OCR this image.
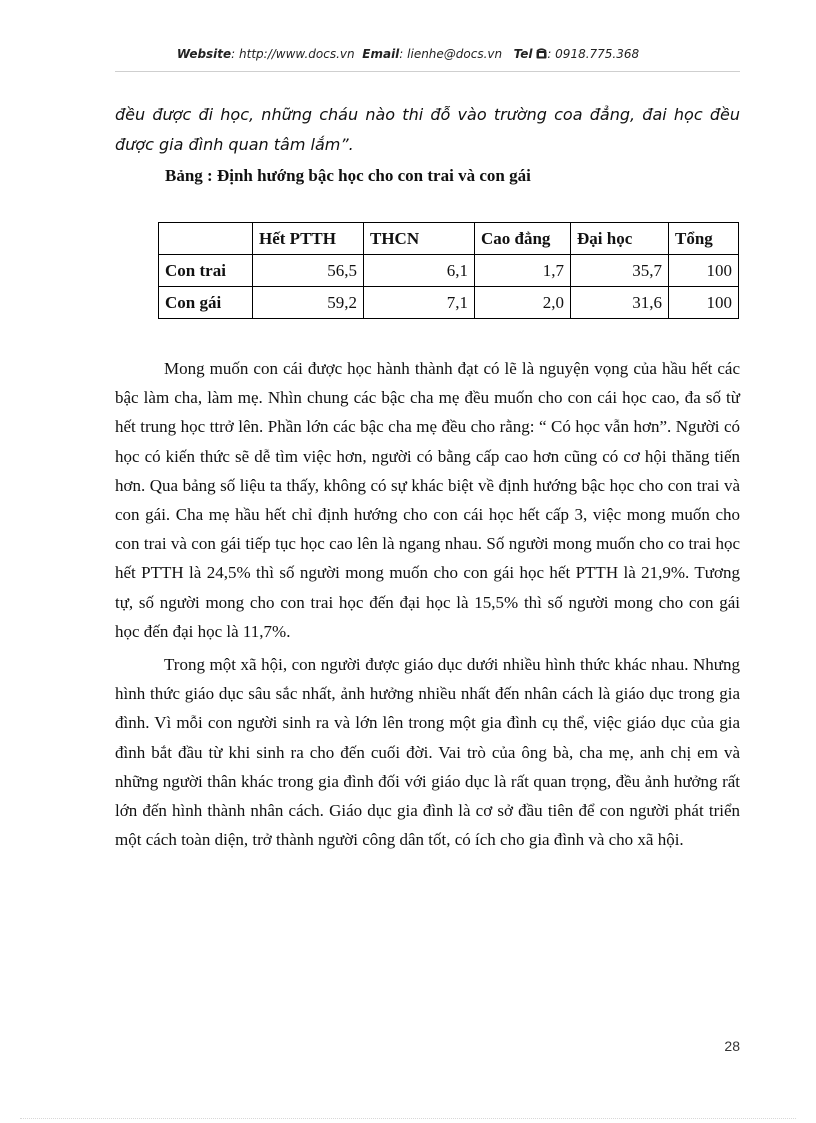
Website: http://www.docs.vn Email: lienhe@docs.vn Tel : 0918.775.368

đều được đi học, những cháu nào thi đỗ vào trường coa đẳng, đai học đều được gia đình quan tâm lắm”.

Bảng : Định hướng bậc học cho con trai và con gái

	Hết PTTH	THCN	Cao đẳng	Đại học	Tổng
Con trai	56,5	6,1	1,7	35,7	100
Con gái	59,2	7,1	2,0	31,6	100

Mong muốn con cái được học hành thành đạt có lẽ là nguyện vọng của hầu hết các bậc làm cha, làm mẹ. Nhìn chung các bậc cha mẹ đều muốn cho con cái học cao, đa số từ hết trung học ttrở lên. Phần lớn các bậc cha mẹ đều cho rằng: “ Có học vẫn hơn”. Người có học có kiến thức sẽ dễ tìm việc hơn, người có bằng cấp cao hơn cũng có cơ hội thăng tiến hơn. Qua bảng số liệu ta thấy, không có sự khác biệt về định hướng bậc học cho con trai và con gái. Cha mẹ hầu hết chỉ định hướng cho con cái học hết cấp 3, việc mong muốn cho con trai và con gái tiếp tục học cao lên là ngang nhau. Số người mong muốn cho co trai học hết PTTH là 24,5% thì số người mong muốn cho con gái học hết PTTH là 21,9%. Tương tự, số người mong cho con trai học đến đại học là 15,5% thì số người mong cho con gái học đến đại học là 11,7%.

Trong một xã hội, con người được giáo dục dưới nhiều hình thức khác nhau. Nhưng hình thức giáo dục sâu sắc nhất, ảnh hưởng nhiều nhất đến nhân cách là giáo dục trong gia đình. Vì mỗi con người sinh ra và lớn lên trong một gia đình cụ thể, việc giáo dục của gia đình bắt đầu từ khi sinh ra cho đến cuối đời. Vai trò của ông bà, cha mẹ, anh chị em và những người thân khác trong gia đình đối với giáo dục là rất quan trọng, đều ảnh hưởng rất lớn đến hình thành nhân cách. Giáo dục gia đình là cơ sở đầu tiên để con người phát triển một cách toàn diện, trở thành người công dân tốt, có ích cho gia đình và cho xã hội.

28
